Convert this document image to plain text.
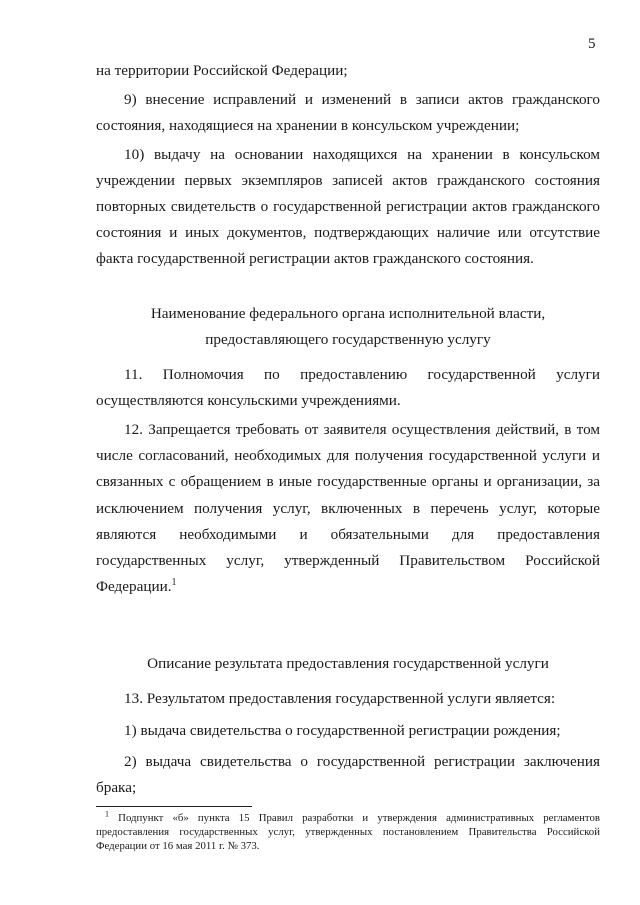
5

на территории Российской Федерации;

9) внесение исправлений и изменений в записи актов гражданского состояния, находящиеся на хранении в консульском учреждении;

10) выдачу на основании находящихся на хранении в консульском учреждении первых экземпляров записей актов гражданского состояния повторных свидетельств о государственной регистрации актов гражданского состояния и иных документов, подтверждающих наличие или отсутствие факта государственной регистрации актов гражданского состояния.

Наименование федерального органа исполнительной власти,

предоставляющего государственную услугу

11. Полномочия по предоставлению государственной услуги осуществляются консульскими учреждениями.

12. Запрещается требовать от заявителя осуществления действий, в том числе согласований, необходимых для получения государственной услуги и связанных с обращением в иные государственные органы и организации, за исключением получения услуг, включенных в перечень услуг, которые являются необходимыми и обязательными для предоставления государственных услуг, утвержденный Правительством Российской Федерации.$^1$

Описание результата предоставления государственной услуги

13. Результатом предоставления государственной услуги является:

1) выдача свидетельства о государственной регистрации рождения;

2) выдача свидетельства о государственной регистрации заключения брака;

$^1$ Подпункт «б» пункта 15 Правил разработки и утверждения административных регламентов предоставления государственных услуг, утвержденных постановлением Правительства Российской Федерации от 16 мая 2011 г. № 373.
